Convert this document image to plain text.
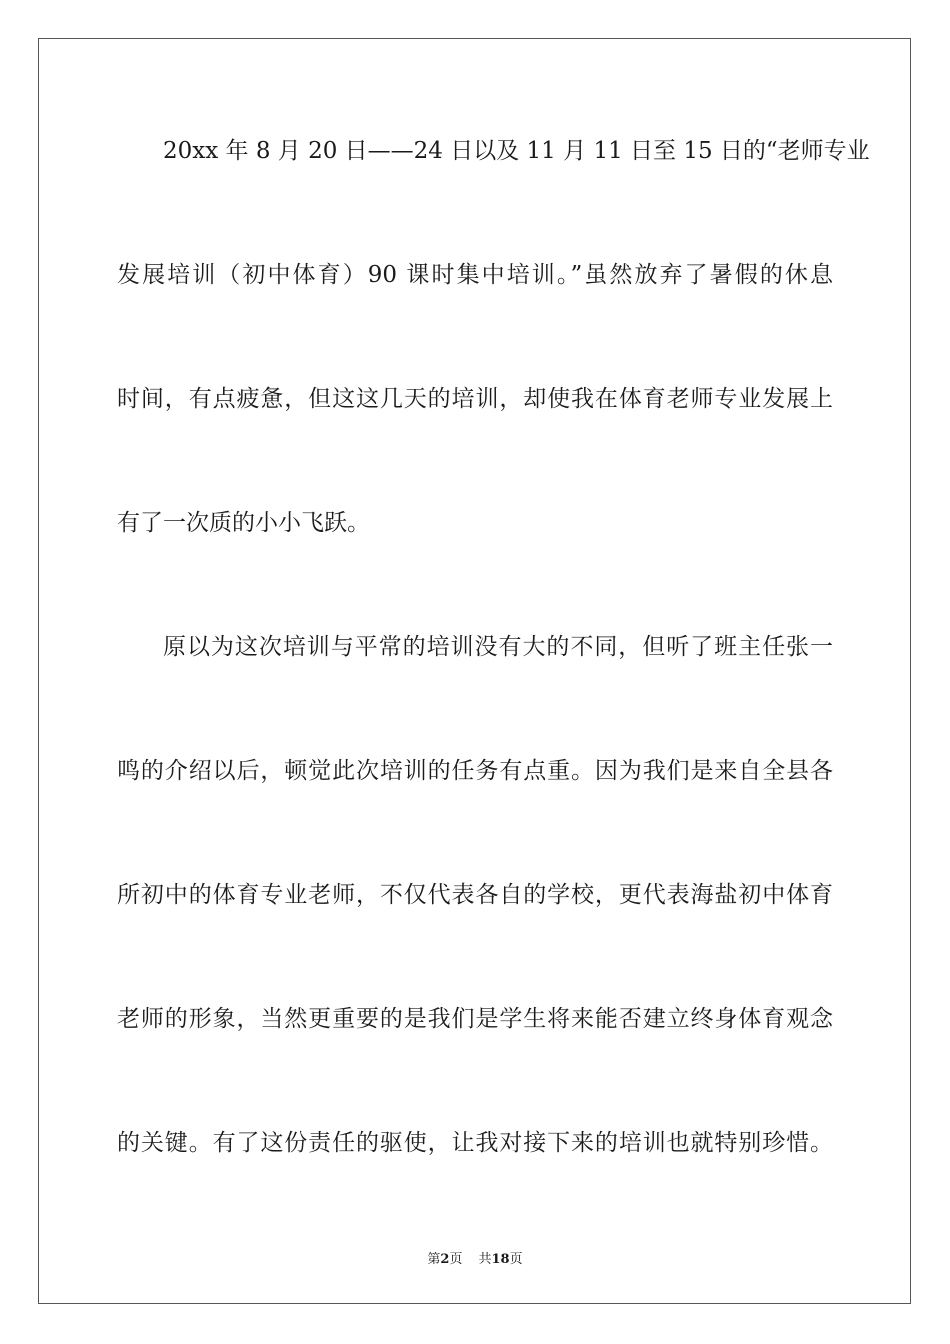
20xx 年 8 月 20 日——24 日以及 11 月 11 日至 15 日的“老师专业
发展培训（初中体育）90 课时集中培训。”虽然放弃了暑假的休息
时间，有点疲惫，但这这几天的培训，却使我在体育老师专业发展上
有了一次质的小小飞跃。
原以为这次培训与平常的培训没有大的不同，但听了班主任张一
鸣的介绍以后，顿觉此次培训的任务有点重。因为我们是来自全县各
所初中的体育专业老师，不仅代表各自的学校，更代表海盐初中体育
老师的形象，当然更重要的是我们是学生将来能否建立终身体育观念
的关键。有了这份责任的驱使，让我对接下来的培训也就特别珍惜。
第2页 共18页
